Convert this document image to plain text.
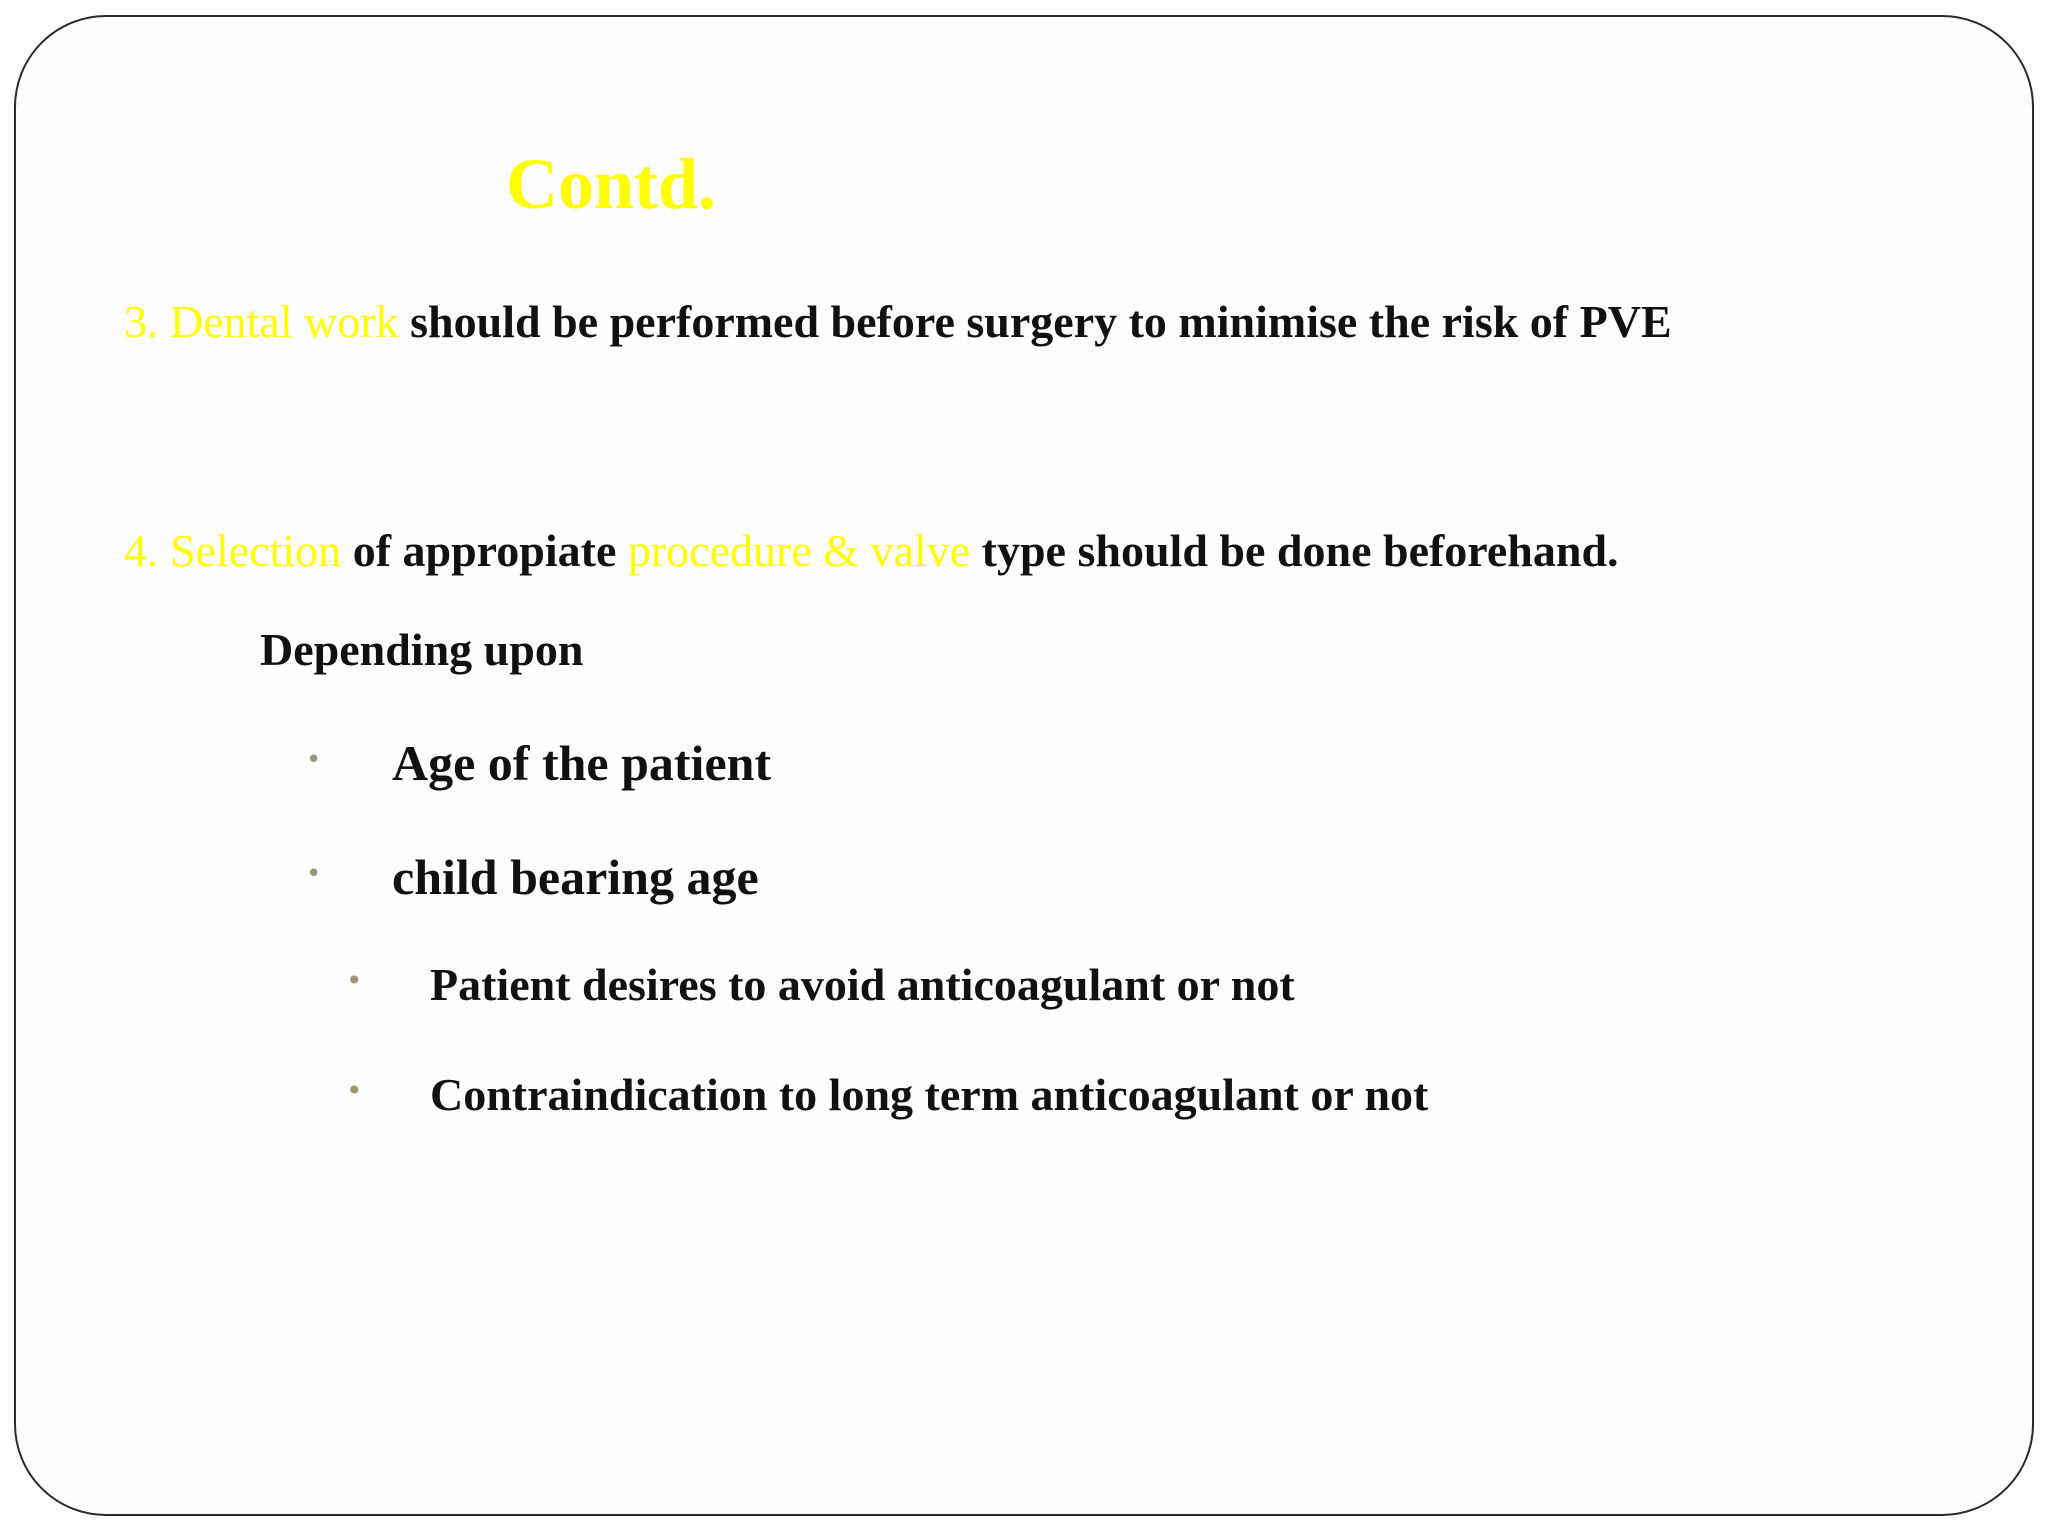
Contd.

3. Dental work should be performed before surgery to minimise the risk of PVE

4. Selection of appropiate procedure & valve type should be done beforehand.

Depending upon

•	Age of the patient
•	child bearing age
•	Patient desires to avoid anticoagulant or not
•	Contraindication to long term anticoagulant or not
